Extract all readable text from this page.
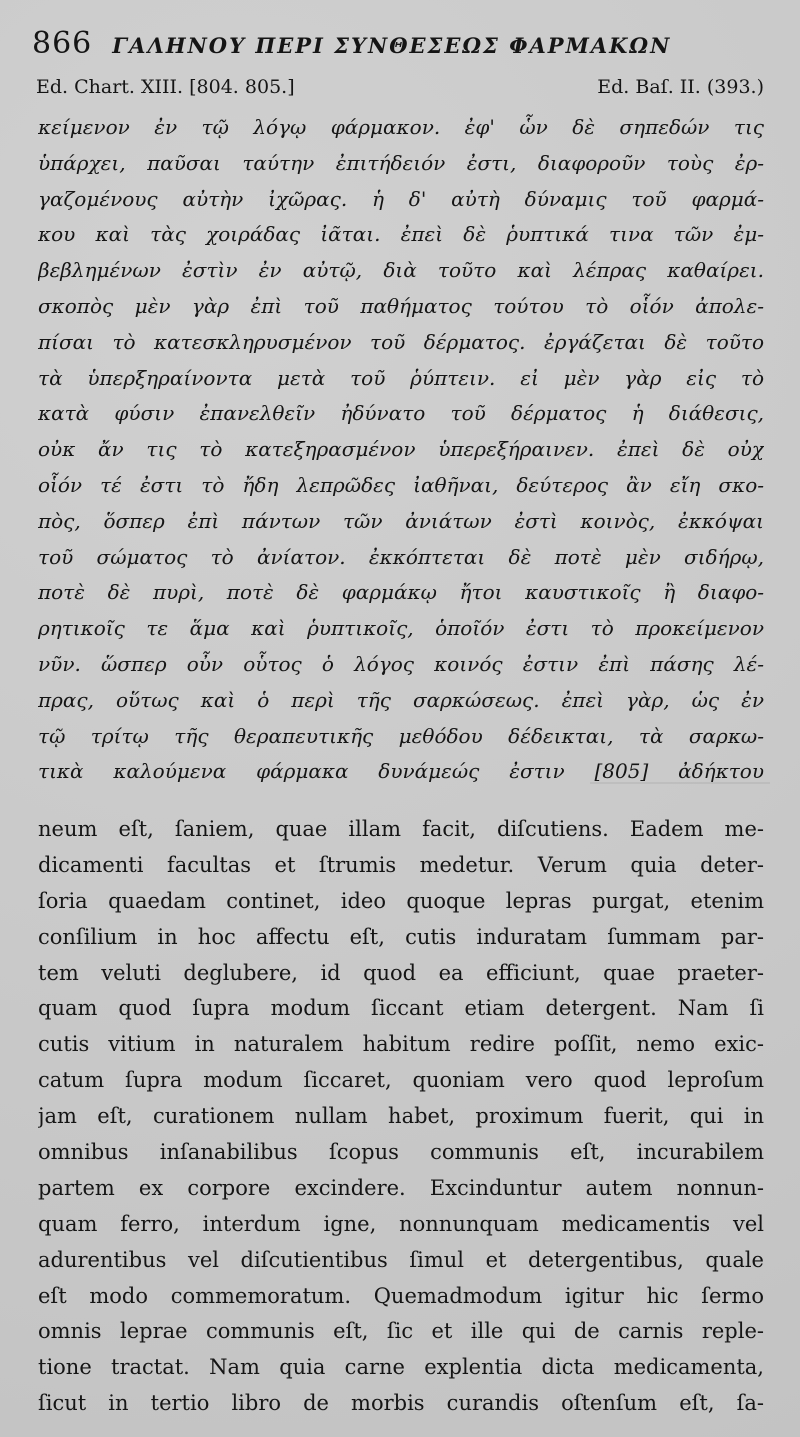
866 ΓΑΛΗΝΟΥ ΠΕΡΙ ΣΥΝΘΕΣΕΩΣ ΦΑΡΜΑΚΩΝ
Ed. Chart. XIII. [804. 805.]	Ed. Baſ. II. (393.)
κείμενον ἐν τῷ λόγῳ φάρμακον. ἐφ' ὧν δὲ σηπεδών τις
ὑπάρχει, παῦσαι ταύτην ἐπιτήδειόν ἐστι, διαφοροῦν τοὺς ἐρ-
γαζομένους αὐτὴν ἰχῶρας. ἡ δ' αὐτὴ δύναμις τοῦ φαρμά-
κου καὶ τὰς χοιράδας ἰᾶται. ἐπεὶ δὲ ῥυπτικά τινα τῶν ἐμ-
βεβλημένων ἐστὶν ἐν αὐτῷ, διὰ τοῦτο καὶ λέπρας καθαίρει.
σκοπὸς μὲν γὰρ ἐπὶ τοῦ παθήματος τούτου τὸ οἷόν ἀπολε-
πίσαι τὸ κατεσκληρυσμένον τοῦ δέρματος. ἐργάζεται δὲ τοῦτο
τὰ ὑπερξηραίνοντα μετὰ τοῦ ῥύπτειν. εἰ μὲν γὰρ εἰς τὸ
κατὰ φύσιν ἐπανελθεῖν ἠδύνατο τοῦ δέρματος ἡ διάθεσις,
οὐκ ἄν τις τὸ κατεξηρασμένον ὑπερεξήραινεν. ἐπεὶ δὲ οὐχ
οἷόν τέ ἐστι τὸ ἤδη λεπρῶδες ἰαθῆναι, δεύτερος ἂν εἴη σκο-
πὸς, ὅσπερ ἐπὶ πάντων τῶν ἀνιάτων ἐστὶ κοινὸς, ἐκκόψαι
τοῦ σώματος τὸ ἀνίατον. ἐκκόπτεται δὲ ποτὲ μὲν σιδήρῳ,
ποτὲ δὲ πυρὶ, ποτὲ δὲ φαρμάκῳ ἤτοι καυστικοῖς ἢ διαφο-
ρητικοῖς τε ἅμα καὶ ῥυπτικοῖς, ὁποῖόν ἐστι τὸ προκείμενον
νῦν. ὥσπερ οὖν οὗτος ὁ λόγος κοινός ἐστιν ἐπὶ πάσης λέ-
πρας, οὕτως καὶ ὁ περὶ τῆς σαρκώσεως. ἐπεὶ γὰρ, ὡς ἐν
τῷ τρίτῳ τῆς θεραπευτικῆς μεθόδου δέδεικται, τὰ σαρκω-
τικὰ καλούμενα φάρμακα δυνάμεώς ἐστιν [805] ἀδήκτου
neum eſt, ſaniem, quae illam facit, diſcutiens. Eadem me-
dicamenti facultas et ſtrumis medetur. Verum quia deter-
ſoria quaedam continet, ideo quoque lepras purgat, etenim
conſilium in hoc affectu eſt, cutis induratam ſummam par-
tem veluti deglubere, id quod ea efficiunt, quae praeter-
quam quod ſupra modum ſiccant etiam detergent. Nam ſi
cutis vitium in naturalem habitum redire poſſit, nemo exic-
catum ſupra modum ſiccaret, quoniam vero quod leproſum
jam eſt, curationem nullam habet, proximum fuerit, qui in
omnibus inſanabilibus ſcopus communis eſt, incurabilem
partem ex corpore excindere. Excinduntur autem nonnun-
quam ferro, interdum igne, nonnunquam medicamentis vel
adurentibus vel diſcutientibus ſimul et detergentibus, quale
eſt modo commemoratum. Quemadmodum igitur hic ſermo
omnis leprae communis eſt, ſic et ille qui de carnis reple-
tione tractat. Nam quia carne explentia dicta medicamenta,
ſicut in tertio libro de morbis curandis oſtenſum eſt, ſa-
